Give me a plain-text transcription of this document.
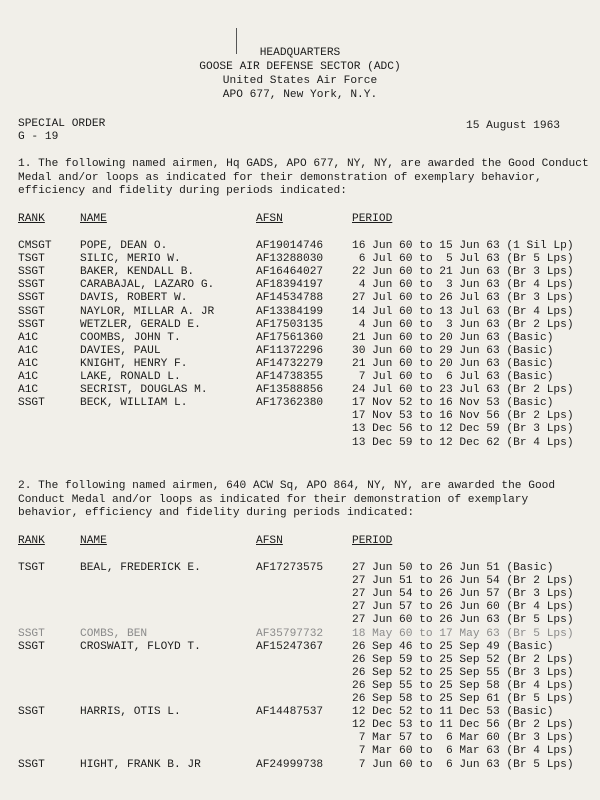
HEADQUARTERS
GOOSE AIR DEFENSE SECTOR (ADC)
United States Air Force
APO 677, New York, N.Y.
SPECIAL ORDER
G - 19
15 August 1963
1. The following named airmen, Hq GADS, APO 677, NY, NY, are awarded the Good Conduct Medal and/or loops as indicated for their demonstration of exemplary behavior, efficiency and fidelity during periods indicated:
RANK	NAME	AFSN	PERIOD
CMSGT	POPE, DEAN O.	AF19014746	16 Jun 60 to 15 Jun 63 (1 Sil Lp)
TSGT	SILIC, MERIO W.	AF13288030	6 Jul 60 to  5 Jul 63 (Br 5 Lps)
SSGT	BAKER, KENDALL B.	AF16464027	22 Jun 60 to 21 Jun 63 (Br 3 Lps)
SSGT	CARABAJAL, LAZARO G.	AF18394197	4 Jun 60 to  3 Jun 63 (Br 4 Lps)
SSGT	DAVIS, ROBERT W.	AF14534788	27 Jul 60 to 26 Jul 63 (Br 3 Lps)
SSGT	NAYLOR, MILLAR A. JR	AF13384199	14 Jul 60 to 13 Jul 63 (Br 4 Lps)
SSGT	WETZLER, GERALD E.	AF17503135	4 Jun 60 to  3 Jun 63 (Br 2 Lps)
A1C	COOMBS, JOHN T.	AF17561360	21 Jun 60 to 20 Jun 63 (Basic)
A1C	DAVIES, PAUL	AF11372296	30 Jun 60 to 29 Jun 63 (Basic)
A1C	KNIGHT, HENRY F.	AF14732279	21 Jun 60 to 20 Jun 63 (Basic)
A1C	LAKE, RONALD L.	AF14738355	7 Jul 60 to  6 Jul 63 (Basic)
A1C	SECRIST, DOUGLAS M.	AF13588856	24 Jul 60 to 23 Jul 63 (Br 2 Lps)
SSGT	BECK, WILLIAM L.	AF17362380	17 Nov 52 to 16 Nov 53 (Basic)
17 Nov 53 to 16 Nov 56 (Br 2 Lps)
13 Dec 56 to 12 Dec 59 (Br 3 Lps)
13 Dec 59 to 12 Dec 62 (Br 4 Lps)
2. The following named airmen, 640 ACW Sq, APO 864, NY, NY, are awarded the Good Conduct Medal and/or loops as indicated for their demonstration of exemplary behavior, efficiency and fidelity during periods indicated:
RANK	NAME	AFSN	PERIOD
TSGT	BEAL, FREDERICK E.	AF17273575	27 Jun 50 to 26 Jun 51 (Basic)
27 Jun 51 to 26 Jun 54 (Br 2 Lps)
27 Jun 54 to 26 Jun 57 (Br 3 Lps)
27 Jun 57 to 26 Jun 60 (Br 4 Lps)
27 Jun 60 to 26 Jun 63 (Br 5 Lps)
SSGT	COMBS, BEN	AF35797732	18 May 60 to 17 May 63 (Br 5 Lps)
SSGT	CROSWAIT, FLOYD T.	AF15247367	26 Sep 46 to 25 Sep 49 (Basic)
26 Sep 59 to 25 Sep 52 (Br 2 Lps)
26 Sep 52 to 25 Sep 55 (Br 3 Lps)
26 Sep 55 to 25 Sep 58 (Br 4 Lps)
26 Sep 58 to 25 Sep 61 (Br 5 Lps)
SSGT	HARRIS, OTIS L.	AF14487537	12 Dec 52 to 11 Dec 53 (Basic)
12 Dec 53 to 11 Dec 56 (Br 2 Lps)
7 Mar 57 to  6 Mar 60 (Br 3 Lps)
7 Mar 60 to  6 Mar 63 (Br 4 Lps)
SSGT	HIGHT, FRANK B. JR	AF24999738	7 Jun 60 to  6 Jun 63 (Br 5 Lps)
